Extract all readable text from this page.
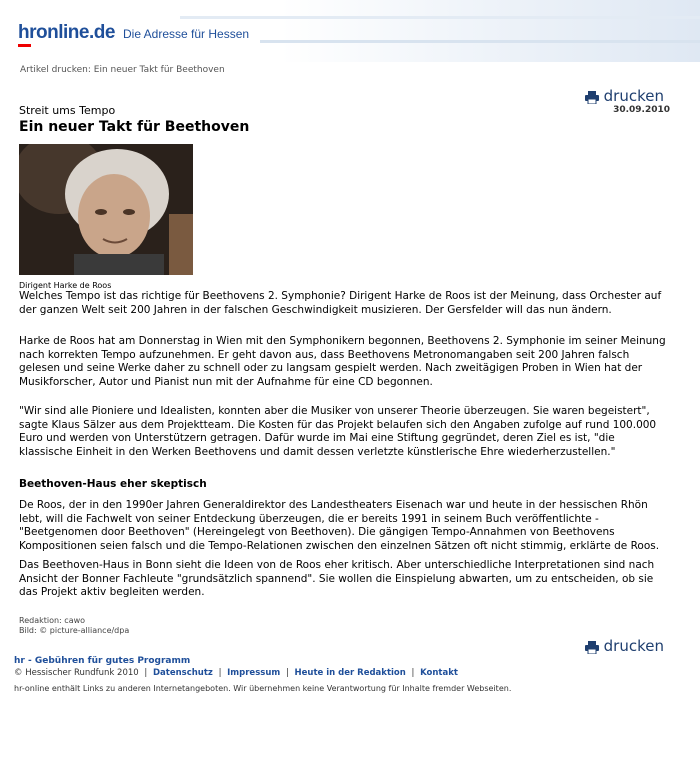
hronline.de Die Adresse für Hessen
Artikel drucken: Ein neuer Takt für Beethoven
drucken
30.09.2010
Streit ums Tempo
Ein neuer Takt für Beethoven
Dirigent Harke de Roos
Welches Tempo ist das richtige für Beethovens 2. Symphonie? Dirigent Harke de Roos ist der Meinung, dass Orchester auf der ganzen Welt seit 200 Jahren in der falschen Geschwindigkeit musizieren. Der Gersfelder will das nun ändern.
Harke de Roos hat am Donnerstag in Wien mit den Symphonikern begonnen, Beethovens 2. Symphonie im seiner Meinung nach korrekten Tempo aufzunehmen. Er geht davon aus, dass Beethovens Metronomangaben seit 200 Jahren falsch gelesen und seine Werke daher zu schnell oder zu langsam gespielt werden. Nach zweitägigen Proben in Wien hat der Musikforscher, Autor und Pianist nun mit der Aufnahme für eine CD begonnen.
"Wir sind alle Pioniere und Idealisten, konnten aber die Musiker von unserer Theorie überzeugen. Sie waren begeistert", sagte Klaus Sälzer aus dem Projektteam. Die Kosten für das Projekt belaufen sich den Angaben zufolge auf rund 100.000 Euro und werden von Unterstützern getragen. Dafür wurde im Mai eine Stiftung gegründet, deren Ziel es ist, "die klassische Einheit in den Werken Beethovens und damit dessen verletzte künstlerische Ehre wiederherzustellen."
Beethoven-Haus eher skeptisch
De Roos, der in den 1990er Jahren Generaldirektor des Landestheaters Eisenach war und heute in der hessischen Rhön lebt, will die Fachwelt von seiner Entdeckung überzeugen, die er bereits 1991 in seinem Buch veröffentlichte - "Beetgenomen door Beethoven" (Hereingelegt von Beethoven). Die gängigen Tempo-Annahmen von Beethovens Kompositionen seien falsch und die Tempo-Relationen zwischen den einzelnen Sätzen oft nicht stimmig, erklärte de Roos.
Das Beethoven-Haus in Bonn sieht die Ideen von de Roos eher kritisch. Aber unterschiedliche Interpretationen sind nach Ansicht der Bonner Fachleute "grundsätzlich spannend". Sie wollen die Einspielung abwarten, um zu entscheiden, ob sie das Projekt aktiv begleiten werden.
Redaktion: cawo
Bild: © picture-alliance/dpa
drucken
hr - Gebühren für gutes Programm
© Hessischer Rundfunk 2010 | Datenschutz | Impressum | Heute in der Redaktion | Kontakt
hr-online enthält Links zu anderen Internetangeboten. Wir übernehmen keine Verantwortung für Inhalte fremder Webseiten.
